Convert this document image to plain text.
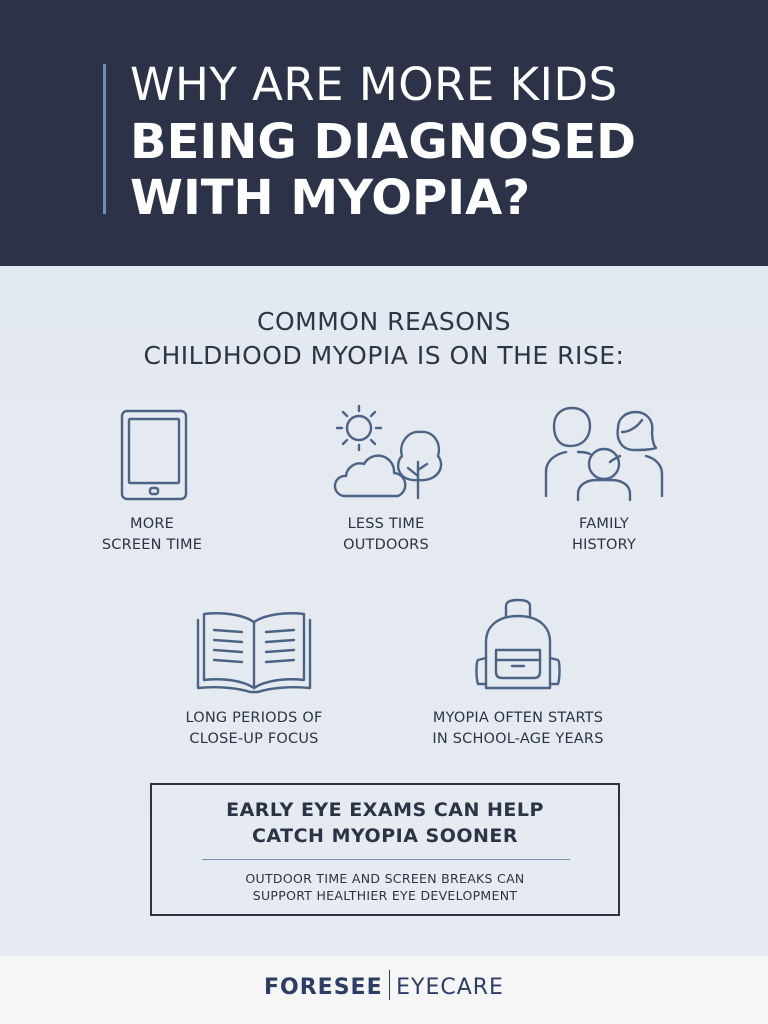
WHY ARE MORE KIDS
BEING DIAGNOSED
WITH MYOPIA?
COMMON REASONS
CHILDHOOD MYOPIA IS ON THE RISE:
MORE
SCREEN TIME
LESS TIME
OUTDOORS
FAMILY
HISTORY
LONG PERIODS OF
CLOSE-UP FOCUS
MYOPIA OFTEN STARTS
IN SCHOOL-AGE YEARS
EARLY EYE EXAMS CAN HELP
CATCH MYOPIA SOONER
OUTDOOR TIME AND SCREEN BREAKS CAN
SUPPORT HEALTHIER EYE DEVELOPMENT
FORESEE EYECARE
